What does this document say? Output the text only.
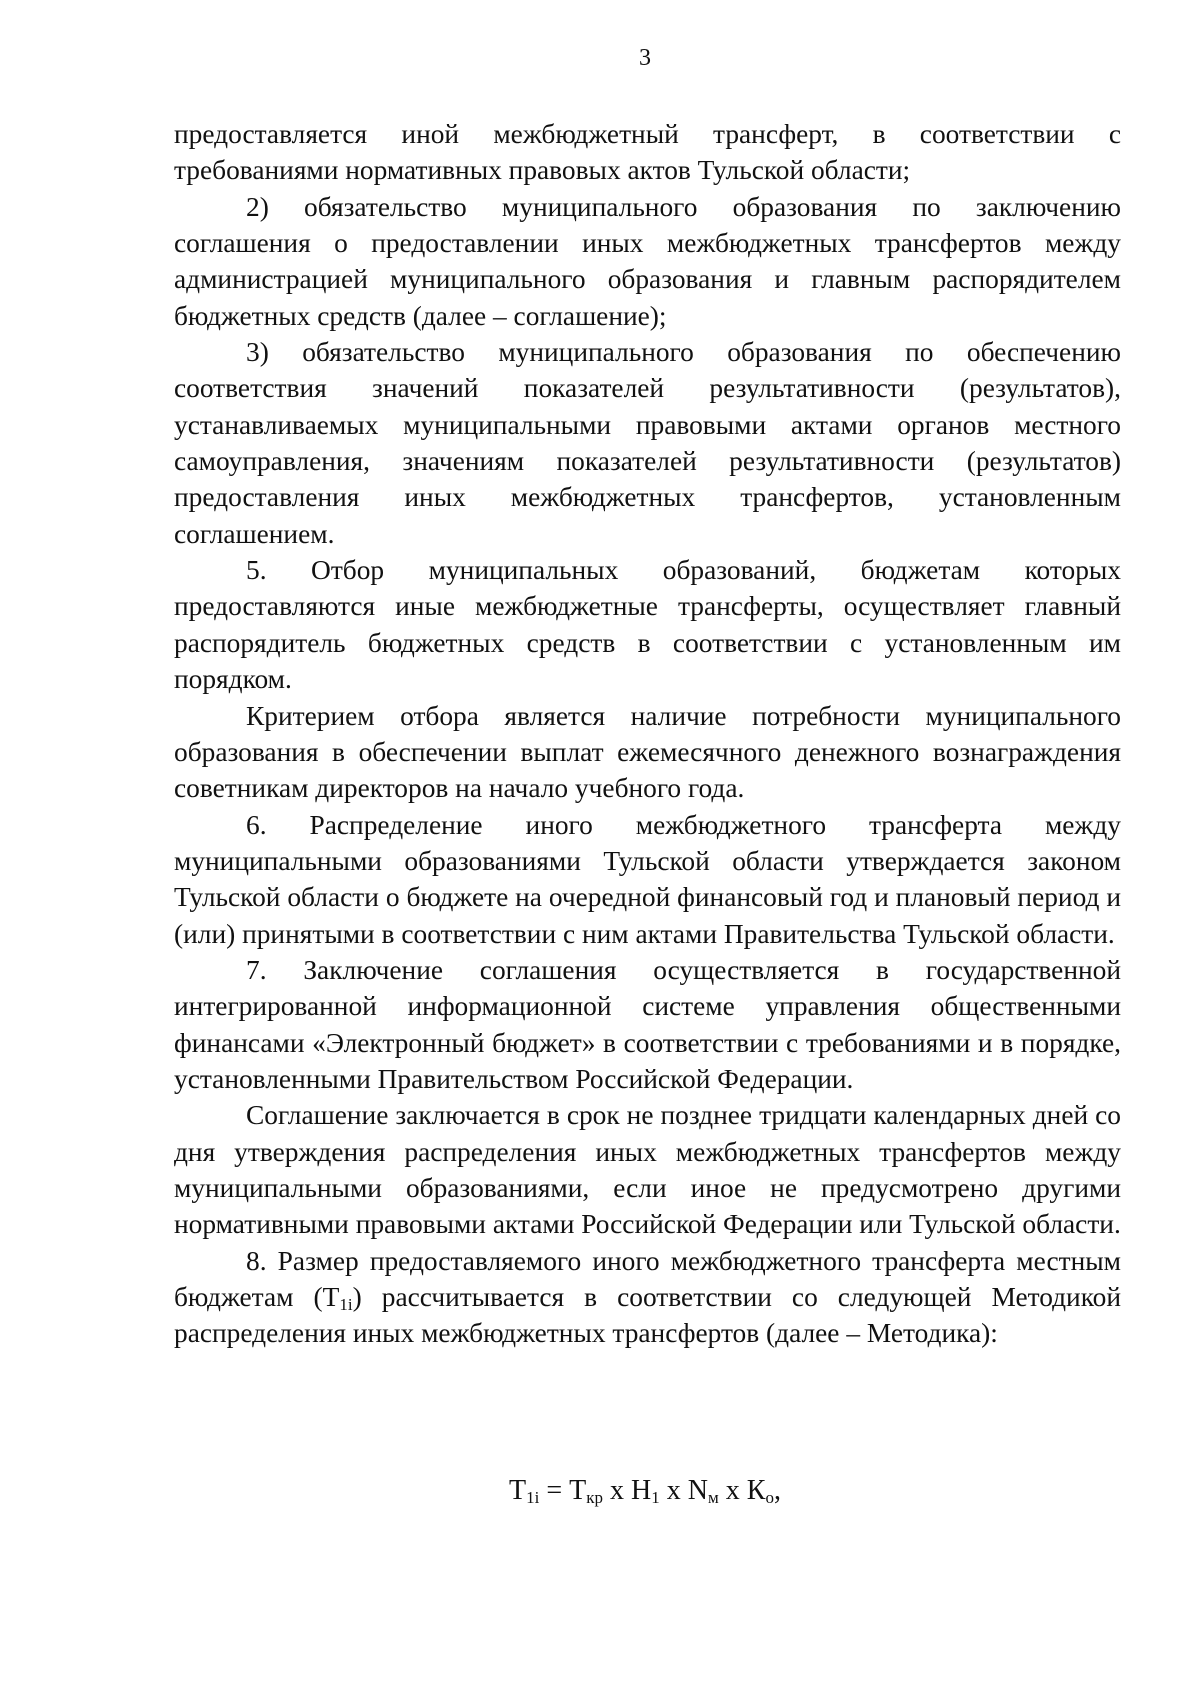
3

предоставляется иной межбюджетный трансферт, в соответствии с требованиями нормативных правовых актов Тульской области;

2) обязательство муниципального образования по заключению соглашения о предоставлении иных межбюджетных трансфертов между администрацией муниципального образования и главным распорядителем бюджетных средств (далее – соглашение);

3) обязательство муниципального образования по обеспечению соответствия значений показателей результативности (результатов), устанавливаемых муниципальными правовыми актами органов местного самоуправления, значениям показателей результативности (результатов) предоставления иных межбюджетных трансфертов, установленным соглашением.

5. Отбор муниципальных образований, бюджетам которых предоставляются иные межбюджетные трансферты, осуществляет главный распорядитель бюджетных средств в соответствии с установленным им порядком.

Критерием отбора является наличие потребности муниципального образования в обеспечении выплат ежемесячного денежного вознаграждения советникам директоров на начало учебного года.

6. Распределение иного межбюджетного трансферта между муниципальными образованиями Тульской области утверждается законом Тульской области о бюджете на очередной финансовый год и плановый период и (или) принятыми в соответствии с ним актами Правительства Тульской области.

7. Заключение соглашения осуществляется в государственной интегрированной информационной системе управления общественными финансами «Электронный бюджет» в соответствии с требованиями и в порядке, установленными Правительством Российской Федерации.

Соглашение заключается в срок не позднее тридцати календарных дней со дня утверждения распределения иных межбюджетных трансфертов между муниципальными образованиями, если иное не предусмотрено другими нормативными правовыми актами Российской Федерации или Тульской области.

8. Размер предоставляемого иного межбюджетного трансферта местным бюджетам (Т1i) рассчитывается в соответствии со следующей Методикой распределения иных межбюджетных трансфертов (далее – Методика):

$Т_{1i} = Т_{кр}$ x $Н_1$ x $N_м$ x $К_о$,
